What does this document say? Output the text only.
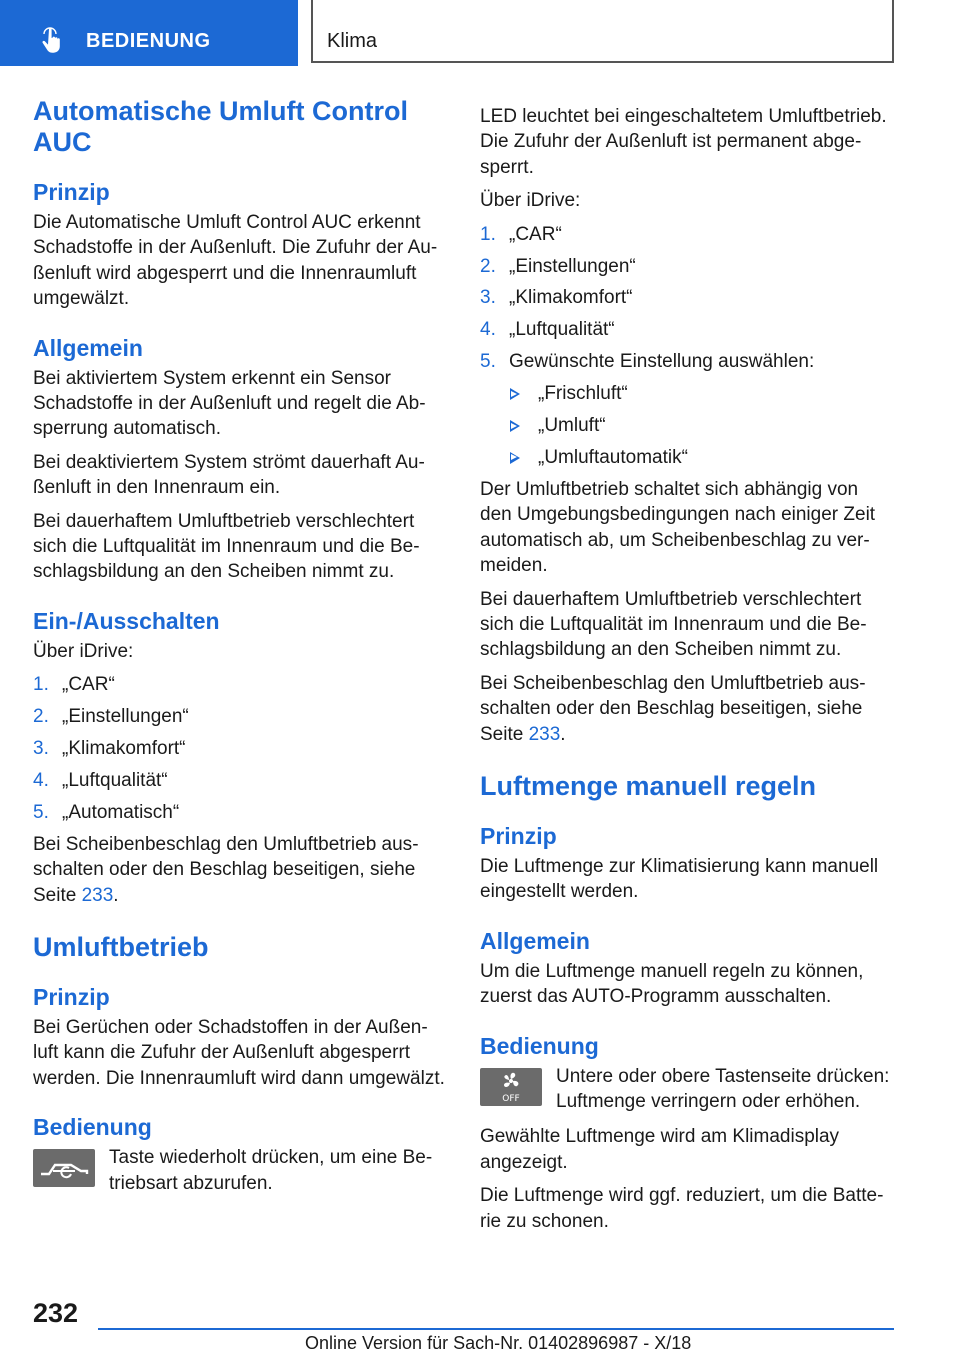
BEDIENUNG	Klima
Automatische Umluft Control AUC
Prinzip
Die Automatische Umluft Control AUC erkennt Schadstoffe in der Außenluft. Die Zufuhr der Außenluft wird abgesperrt und die Innenraumluft umgewälzt.
Allgemein
Bei aktiviertem System erkennt ein Sensor Schadstoffe in der Außenluft und regelt die Absperrung automatisch.
Bei deaktiviertem System strömt dauerhaft Außenluft in den Innenraum ein.
Bei dauerhaftem Umluftbetrieb verschlechtert sich die Luftqualität im Innenraum und die Beschlagsbildung an den Scheiben nimmt zu.
Ein-/Ausschalten
Über iDrive:
1. „CAR“
2. „Einstellungen“
3. „Klimakomfort“
4. „Luftqualität“
5. „Automatisch“
Bei Scheibenbeschlag den Umluftbetrieb ausschalten oder den Beschlag beseitigen, siehe Seite 233.
Umluftbetrieb
Prinzip
Bei Gerüchen oder Schadstoffen in der Außenluft kann die Zufuhr der Außenluft abgesperrt werden. Die Innenraumluft wird dann umgewälzt.
Bedienung
Taste wiederholt drücken, um eine Betriebsart abzurufen.
LED leuchtet bei eingeschaltetem Umluftbetrieb. Die Zufuhr der Außenluft ist permanent abgesperrt.
Über iDrive:
1. „CAR“
2. „Einstellungen“
3. „Klimakomfort“
4. „Luftqualität“
5. Gewünschte Einstellung auswählen:
„Frischluft“
„Umluft“
„Umluftautomatik“
Der Umluftbetrieb schaltet sich abhängig von den Umgebungsbedingungen nach einiger Zeit automatisch ab, um Scheibenbeschlag zu vermeiden.
Bei dauerhaftem Umluftbetrieb verschlechtert sich die Luftqualität im Innenraum und die Beschlagsbildung an den Scheiben nimmt zu.
Bei Scheibenbeschlag den Umluftbetrieb ausschalten oder den Beschlag beseitigen, siehe Seite 233.
Luftmenge manuell regeln
Prinzip
Die Luftmenge zur Klimatisierung kann manuell eingestellt werden.
Allgemein
Um die Luftmenge manuell regeln zu können, zuerst das AUTO-Programm ausschalten.
Bedienung
OFF
Untere oder obere Tastenseite drücken: Luftmenge verringern oder erhöhen.
Gewählte Luftmenge wird am Klimadisplay angezeigt.
Die Luftmenge wird ggf. reduziert, um die Batterie zu schonen.
232
Online Version für Sach-Nr. 01402896987 - X/18
